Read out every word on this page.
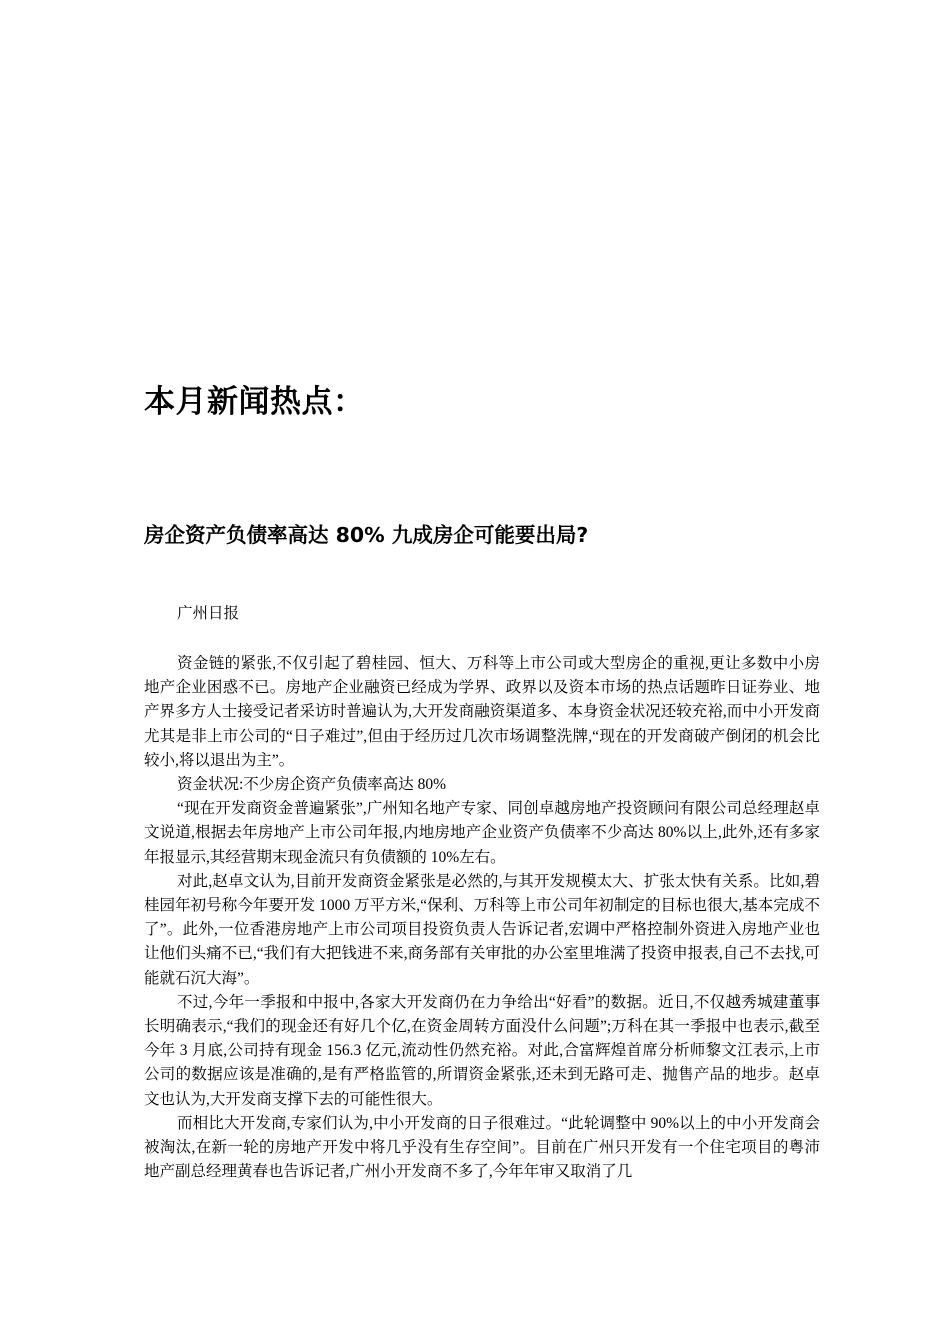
本月新闻热点：
房企资产负债率高达 80% 九成房企可能要出局?

广州日报

资金链的紧张,不仅引起了碧桂园、恒大、万科等上市公司或大型房企的重视,更让多数中小房地产企业困惑不已。房地产企业融资已经成为学界、政界以及资本市场的热点话题昨日证券业、地产界多方人士接受记者采访时普遍认为,大开发商融资渠道多、本身资金状况还较充裕,而中小开发商尤其是非上市公司的“日子难过”,但由于经历过几次市场调整洗牌,“现在的开发商破产倒闭的机会比较小,将以退出为主”。

资金状况:不少房企资产负债率高达 80%

“现在开发商资金普遍紧张”,广州知名地产专家、同创卓越房地产投资顾问有限公司总经理赵卓文说道,根据去年房地产上市公司年报,内地房地产企业资产负债率不少高达 80%以上,此外,还有多家年报显示,其经营期末现金流只有负债额的 10%左右。

对此,赵卓文认为,目前开发商资金紧张是必然的,与其开发规模太大、扩张太快有关系。比如,碧桂园年初号称今年要开发 1000 万平方米,“保利、万科等上市公司年初制定的目标也很大,基本完成不了”。此外,一位香港房地产上市公司项目投资负责人告诉记者,宏调中严格控制外资进入房地产业也让他们头痛不已,“我们有大把钱进不来,商务部有关审批的办公室里堆满了投资申报表,自己不去找,可能就石沉大海”。

不过,今年一季报和中报中,各家大开发商仍在力争给出“好看”的数据。近日,不仅越秀城建董事长明确表示,“我们的现金还有好几个亿,在资金周转方面没什么问题”;万科在其一季报中也表示,截至今年 3 月底,公司持有现金 156.3 亿元,流动性仍然充裕。对此,合富辉煌首席分析师黎文江表示,上市公司的数据应该是准确的,是有严格监管的,所谓资金紧张,还未到无路可走、抛售产品的地步。赵卓文也认为,大开发商支撑下去的可能性很大。

而相比大开发商,专家们认为,中小开发商的日子很难过。“此轮调整中 90%以上的中小开发商会被淘汰,在新一轮的房地产开发中将几乎没有生存空间”。目前在广州只开发有一个住宅项目的粤沛地产副总经理黄春也告诉记者,广州小开发商不多了,今年年审又取消了几
